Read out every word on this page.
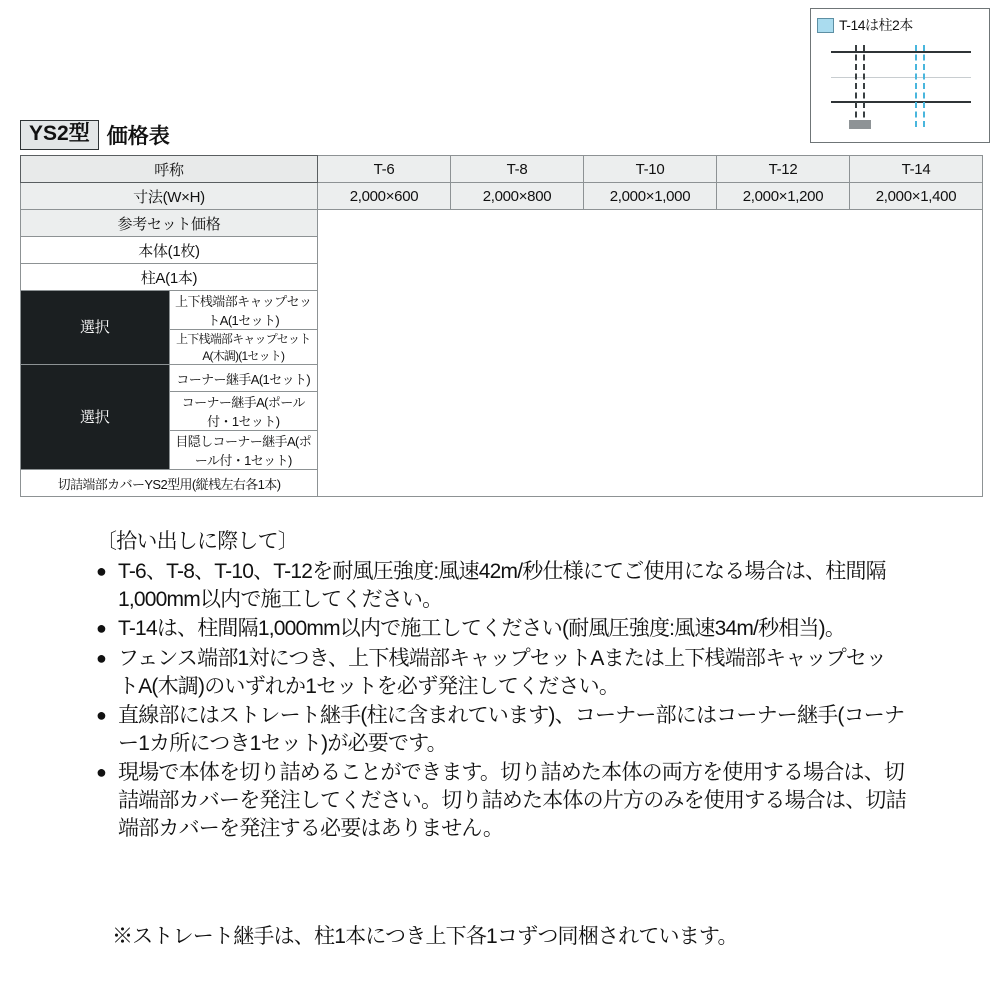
T-14は柱2本
YS2型 価格表
呼称		T-6	T-8	T-10	T-12	T-14
寸法(W×H)		2,000×600	2,000×800	2,000×1,000	2,000×1,200	2,000×1,400
参考セット価格						
本体(1枚)						
柱A(1本)						

選択	上下桟端部キャップセットA(1セット)					
	上下桟端部キャップセットA(木調)(1セット)					

選択	コーナー継手A(1セット)					
	コーナー継手A(ポール付・1セット)					
	目隠しコーナー継手A(ポール付・1セット)					
切詰端部カバーYS2型用(縦桟左右各1本)						
〔拾い出しに際して〕
● T-6、T-8、T-10、T-12を耐風圧強度:風速42m/秒仕様にてご使用になる場合は、柱間隔1,000mm以内で施工してください。
● T-14は、柱間隔1,000mm以内で施工してください(耐風圧強度:風速34m/秒相当)。
● フェンス端部1対につき、上下桟端部キャップセットAまたは上下桟端部キャップセットA(木調)のいずれか1セットを必ず発注してください。
● 直線部にはストレート継手(柱に含まれています)、コーナー部にはコーナー継手(コーナー1カ所につき1セット)が必要です。
● 現場で本体を切り詰めることができます。切り詰めた本体の両方を使用する場合は、切詰端部カバーを発注してください。切り詰めた本体の片方のみを使用する場合は、切詰端部カバーを発注する必要はありません。
※ストレート継手は、柱1本につき上下各1コずつ同梱されています。
